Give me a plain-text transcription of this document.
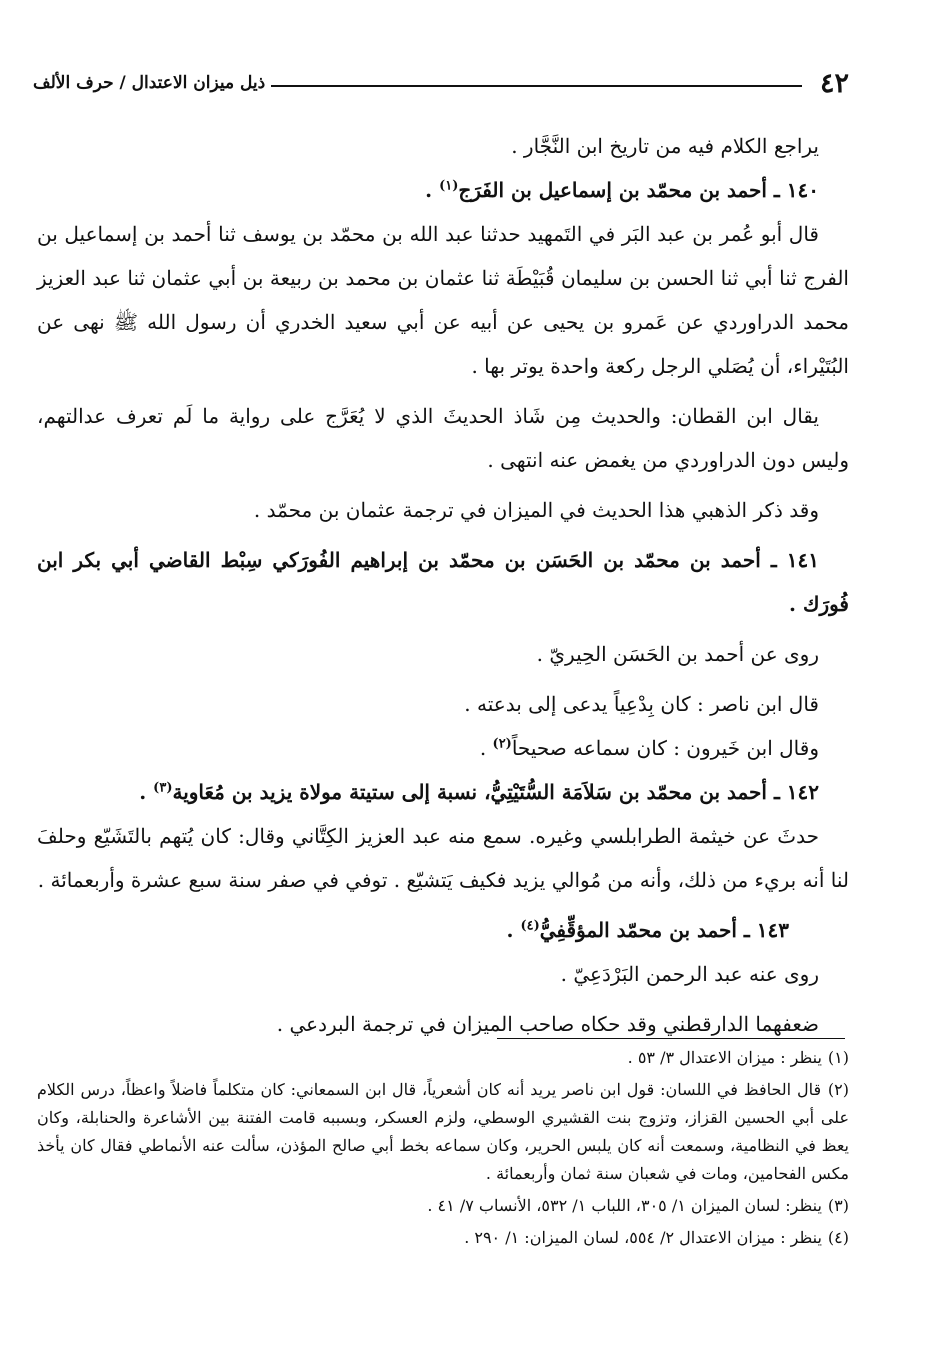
٤٢
ذيل ميزان الاعتدال / حرف الألف

يراجع الكلام فيه من تاريخ ابن النَّجَّار .

١٤٠ ـ أحمد بن محمّد بن إسماعيل بن الفَرَج$^{(١)}$ .

قال أبو عُمر بن عبد البَر في التَمهيد حدثنا عبد الله بن محمّد بن يوسف ثنا أحمد بن إسماعيل بن الفرج ثنا أبي ثنا الحسن بن سليمان قُبَيْطَة ثنا عثمان بن محمد بن ربيعة بن أبي عثمان ثنا عبد العزيز محمد الدراوردي عن عَمرو بن يحيى عن أبيه عن أبي سعيد الخدري أن رسول الله ﷺ نهى عن البُتَيْراء، أن يُصَلي الرجل ركعة واحدة يوتر بها .

يقال ابن القطان: والحديث مِن شَاذ الحديثَ الذي لا يُعَرَّج على رواية ما لَم تعرف عدالتهم، وليس دون الدراوردي من يغمض عنه انتهى .

وقد ذكر الذهبي هذا الحديث في الميزان في ترجمة عثمان بن محمّد .

١٤١ ـ أحمد بن محمّد بن الحَسَن بن محمّد بن إبراهيم الفُورَكي سِبْط القاضي أبي بكر ابن فُورَك .

روى عن أحمد بن الحَسَن الحِيريّ .

قال ابن ناصر : كان بِدْعِياً يدعى إلى بدعته .

وقال ابن خَيرون : كان سماعه صحيحاً$^{(٢)}$ .

١٤٢ ـ أحمد بن محمّد بن سَلاَمَة السُّتَيْتِيُّ، نسبة إلى ستيتة مولاة يزيد بن مُعَاوية$^{(٣)}$ .

حدثَ عن خيثمة الطرابلسي وغيره. سمع منه عبد العزيز الكِتَّاني وقال: كان يُتهم بالتَشَيّع وحلفَ لنا أنه بريء من ذلك، وأنه من مُوالي يزيد فكيف يَتشيّع . توفي في صفر سنة سبع عشرة وأربعمائة .

١٤٣ ـ أحمد بن محمّد المؤقِّفِيُّ$^{(٤)}$ .

روى عنه عبد الرحمن البَرْدَعِيّ .

ضعفهما الدارقطني وقد حكاه صاحب الميزان في ترجمة البردعي .

(١) ينظر : ميزان الاعتدال ٣/ ٥٣ .

(٢) قال الحافظ في اللسان: قول ابن ناصر يريد أنه كان أشعرياً، قال ابن السمعاني: كان متكلماً فاضلاً واعظاً، درس الكلام على أبي الحسين القزاز، وتزوج بنت القشيري الوسطي، ولزم العسكر، وبسببه قامت الفتنة بين الأشاعرة والحنابلة، وكان يعظ في النظامية، وسمعت أنه كان يلبس الحرير، وكان سماعه بخط أبي صالح المؤذن، سألت عنه الأنماطي فقال كان يأخذ مكس الفحامين، ومات في شعبان سنة ثمان وأربعمائة .

(٣) ينظر: لسان الميزان ١/ ٣٠٥، اللباب ١/ ٥٣٢، الأنساب ٧/ ٤١ .

(٤) ينظر : ميزان الاعتدال ٢/ ٥٥٤، لسان الميزان: ١/ ٢٩٠ .
